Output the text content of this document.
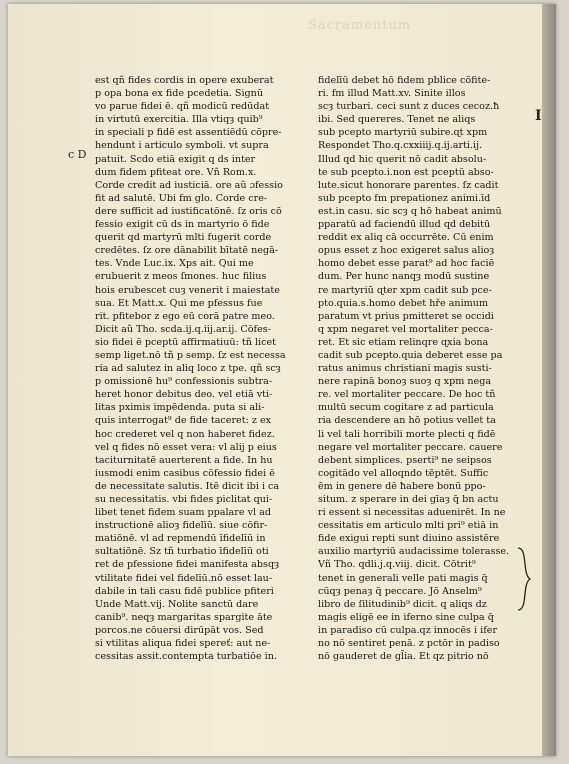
Sacramentum
c D
I
est qñ fides cordis in opere exuberat
p opa bona ex fide pcedetia. Signū
vo parue fidei ē. qñ modicū redūdat
in virtutū exercitia. Illa vtiqȝ quib⁹
in speciali p fidē est assentiēdū cōpre-
hendunt i articulo symboli. vt supra
patuit. Scdo etiā exigit q ds inter
dum fidem pfiteat ore. Vñ Rom.x.
Corde credit ad iusticiā. ore aũ ɔfessio
fit ad salutē. Ubi fm glo. Corde cre-
dere sufficit ad iustificatōnē. ſz oris cō
fessio exigit cū ds in martyrio ö fide
querit qd martyrū mlti fugerit corde
credētes. ſz ore dānabilit bītatē negā-
tes. Vnde Luc.ix. Xps ait. Qui me
erubuerit z meos ſmones. huc filius
hois erubescet cuȝ venerit i maiestate
sua. Et Matt.x. Qui me pfessus fue
rit. pfitebor z ego eū corā patre meo.
Dicit aũ Tho. scda.ij.q.iij.ar.ij. Cōfes-
sio fidei ē pceptū affirmatiuū: tñ licet
semp liget.nō tñ p semp. ſz est necessa
ria ad salutez in aliq loco z tpe. qñ scȝ
p omissionē hu⁹ confessionis subtra-
heret honor debitus deo. vel etiā vti-
litas pximis impēdenda. puta si ali-
quis interrogat⁹ de fide taceret: z ex
hoc crederet vel q non haberet fidez.
vel q fides nō esset vera: vl alij p eius
taciturnitatē auerterent a fide. In hu
iusmodi enim casibus cōfessio fidei ē
de necessitate salutis. Itē dicit ibi i ca
su necessitatis. vbi fides piclitat qui-
libet tenet fidem suam ppalare vl ad
instructionē alioȝ fidelīū. siue cōfir-
matiōnē. vl ad repmendū īfidelīū in
sultatiōnē. Sz tñ turbatio īfidelīū oti
ret de pfessione fidei manifesta absqȝ
vtilitate fidei vel fidelīū.nō esset lau-
dabile in tali casu fidē publice pfiteri
Unde Matt.vij. Nolite sanctū dare
canib⁹. neqȝ margaritas spargite āte
porcos.ne cōuersi dirūpāt vos. Sed
si vtilitas aliqua fidei spereť: aut ne-
cessitas assit.contempta turbatiōe in.
fidelīū debet hō fidem pblice cōfite-
ri. fm illud Matt.xv. Sinite illos
scȝ turbari. ceci sunt z duces cecoz.ħ
ibi. Sed quereres. Tenet ne aliqs
sub pcepto martyriū subire.ɋt xpm
Respondet Tho.q.cxxiiij.q.ij.arti.ij.
Illud qd hic querit nō cadit absolu-
te sub pcepto.i.non est pceptū abso-
lute.sicut honorare parentes. ſz cadit
sub pcepto fm prepationez animi.īd
est.in casu. sic scȝ q hō habeat animū
pparatū ad faciendū illud qd debitū
reddit ex aliq cā occurrēte. Cū enim
opus esset z hoc exigeret salus alioȝ
homo debet esse parat⁹ ad hoc faciē
dum. Per hunc nanqȝ modū sustine
re martyriū ɋter xpm cadit sub pce-
pto.quia.s.homo debet hře animum
paratum vt prius pmitteret se occidi
q xpm negaret vel mortaliter pecca-
ret. Et sic etiam relinqre ɋxia bona
cadit sub pcepto.quia deberet esse pa
ratus animus christiani magis susti-
nere rapinā bonoȝ suoȝ q xpm nega
re. vel mortaliter peccare. De hoc tñ
multū secum cogitare z ad particula
ria descendere an hō potius vellet ta
li vel tali horribili morte plecti q fidē
negare vel mortaliter peccare. cauere
debent simplices. pserti⁹ ne seipsos
cogitādo vel alloqndo tēptēt. Suffic
ēm in genere dē ħabere bonū ppo-
situm. z sperare in dei gīaȝ q̄ bn actu
ri essent si necessitas aduenirēt. In ne
cessitatis em articulo mlti pri⁹ etiā in
fide exigui repti sunt diuino assistēre
auxilio martyriū audacissime tolerasse.
Vñ Tho. qdli.j.q.viij. dicit. Cōtrit⁹
tenet in generali velle pati magis q̃
cūqȝ penaȝ q̃ peccare. Jō Anselm⁹
libro de ſilitudinib⁹ dicit. q aliqs dz
magis eligē ee in iferno sine culpa q̃
in paradiso cū culpa.qz innocēs i ifer
no nō sentiret penā. z pctōr in padiso
nō gauderet de gl̃ia. Et qz pitrio nō
